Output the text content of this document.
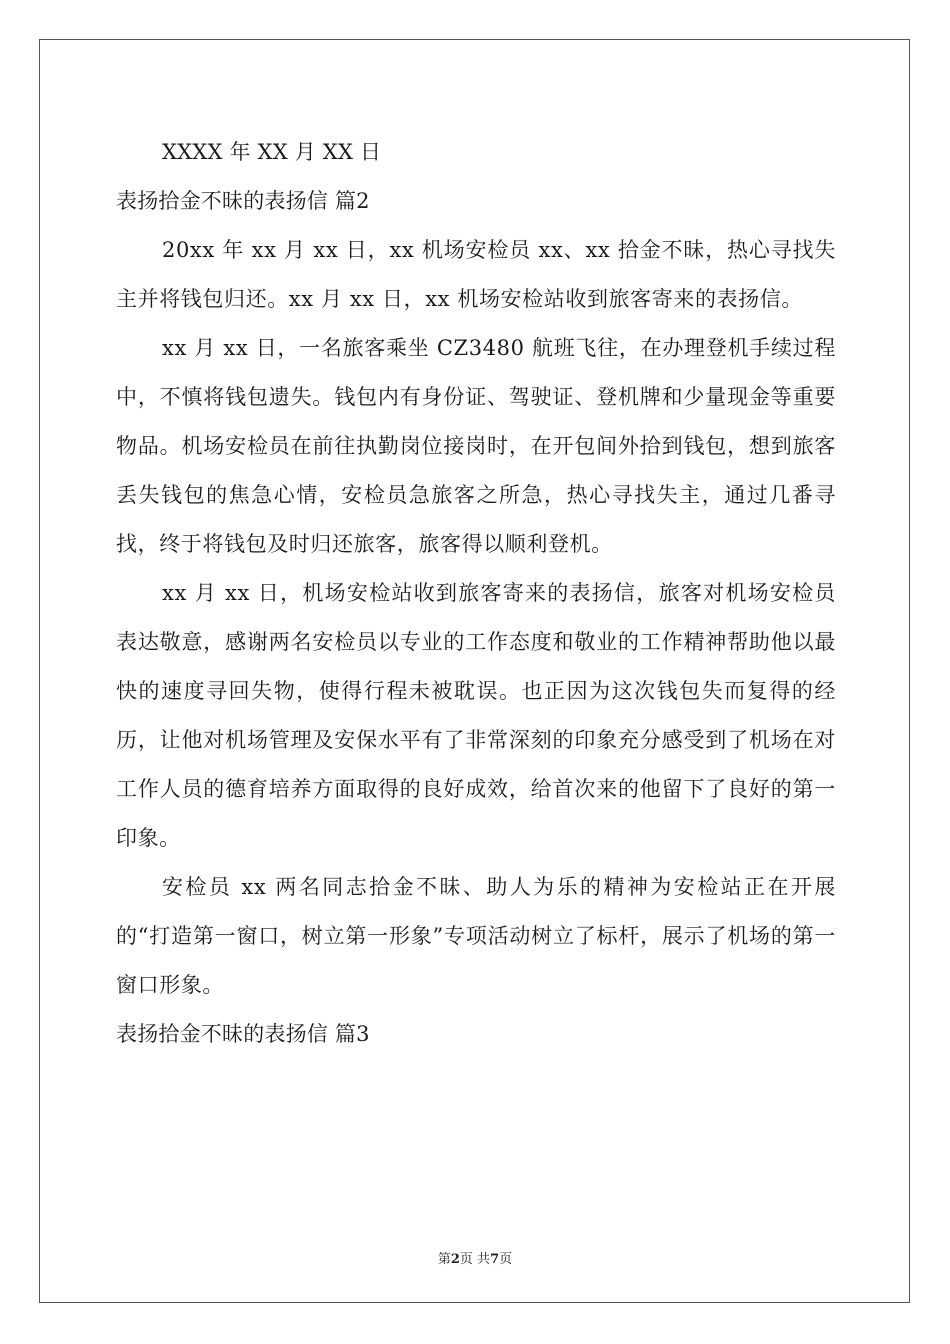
XXXX 年 XX 月 XX 日

表扬拾金不昧的表扬信 篇2

20xx 年 xx 月 xx 日，xx 机场安检员 xx、xx 拾金不昧，热心寻找失主并将钱包归还。xx 月 xx 日，xx 机场安检站收到旅客寄来的表扬信。

xx 月 xx 日，一名旅客乘坐 CZ3480 航班飞往，在办理登机手续过程中，不慎将钱包遗失。钱包内有身份证、驾驶证、登机牌和少量现金等重要物品。机场安检员在前往执勤岗位接岗时，在开包间外拾到钱包，想到旅客丢失钱包的焦急心情，安检员急旅客之所急，热心寻找失主，通过几番寻找，终于将钱包及时归还旅客，旅客得以顺利登机。

xx 月 xx 日，机场安检站收到旅客寄来的表扬信，旅客对机场安检员表达敬意，感谢两名安检员以专业的工作态度和敬业的工作精神帮助他以最快的速度寻回失物，使得行程未被耽误。也正因为这次钱包失而复得的经历，让他对机场管理及安保水平有了非常深刻的印象充分感受到了机场在对工作人员的德育培养方面取得的良好成效，给首次来的他留下了良好的第一印象。

安检员 xx 两名同志拾金不昧、助人为乐的精神为安检站正在开展的“打造第一窗口，树立第一形象”专项活动树立了标杆，展示了机场的第一窗口形象。

表扬拾金不昧的表扬信 篇3

第2页 共7页
